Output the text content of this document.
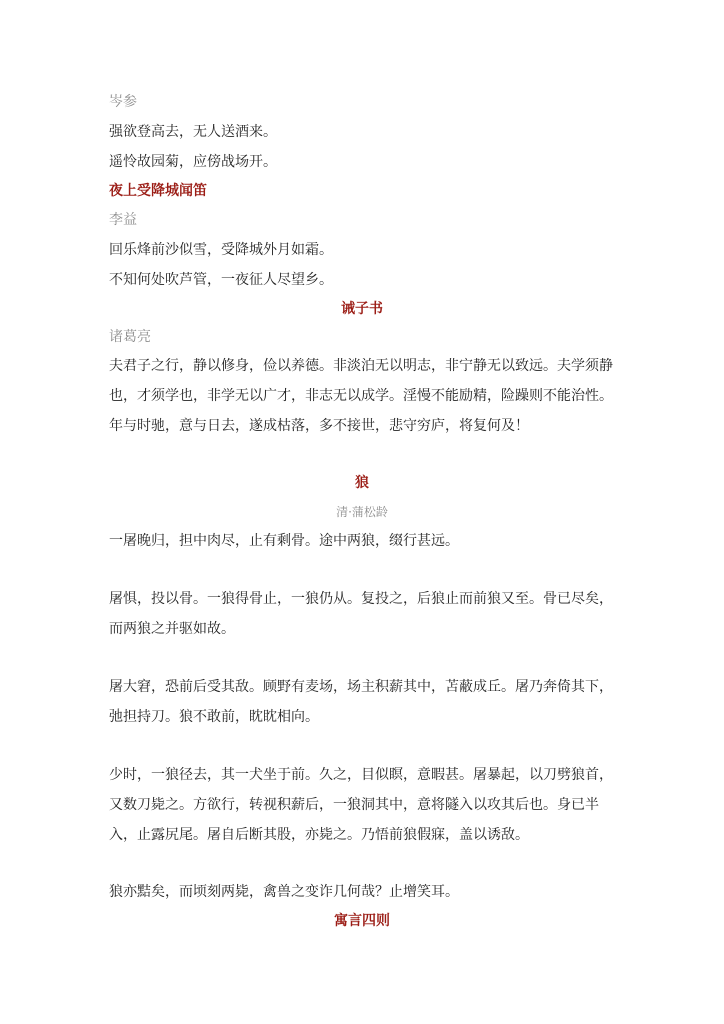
岑参

强欲登高去，无人送酒来。

遥怜故园菊，应傍战场开。

夜上受降城闻笛

李益

回乐烽前沙似雪，受降城外月如霜。

不知何处吹芦管，一夜征人尽望乡。

诫子书

诸葛亮

夫君子之行，静以修身，俭以养德。非淡泊无以明志，非宁静无以致远。夫学须静也，才须学也，非学无以广才，非志无以成学。淫慢不能励精，险躁则不能治性。年与时驰，意与日去，遂成枯落，多不接世，悲守穷庐，将复何及！

狼

清·蒲松龄

一屠晚归，担中肉尽，止有剩骨。途中两狼，缀行甚远。

屠惧，投以骨。一狼得骨止，一狼仍从。复投之，后狼止而前狼又至。骨已尽矣，而两狼之并驱如故。

屠大窘，恐前后受其敌。顾野有麦场，场主积薪其中，苫蔽成丘。屠乃奔倚其下，弛担持刀。狼不敢前，眈眈相向。

少时，一狼径去，其一犬坐于前。久之，目似瞑，意暇甚。屠暴起，以刀劈狼首，又数刀毙之。方欲行，转视积薪后，一狼洞其中，意将隧入以攻其后也。身已半入，止露尻尾。屠自后断其股，亦毙之。乃悟前狼假寐，盖以诱敌。

狼亦黠矣，而顷刻两毙，禽兽之变诈几何哉？止增笑耳。

寓言四则
